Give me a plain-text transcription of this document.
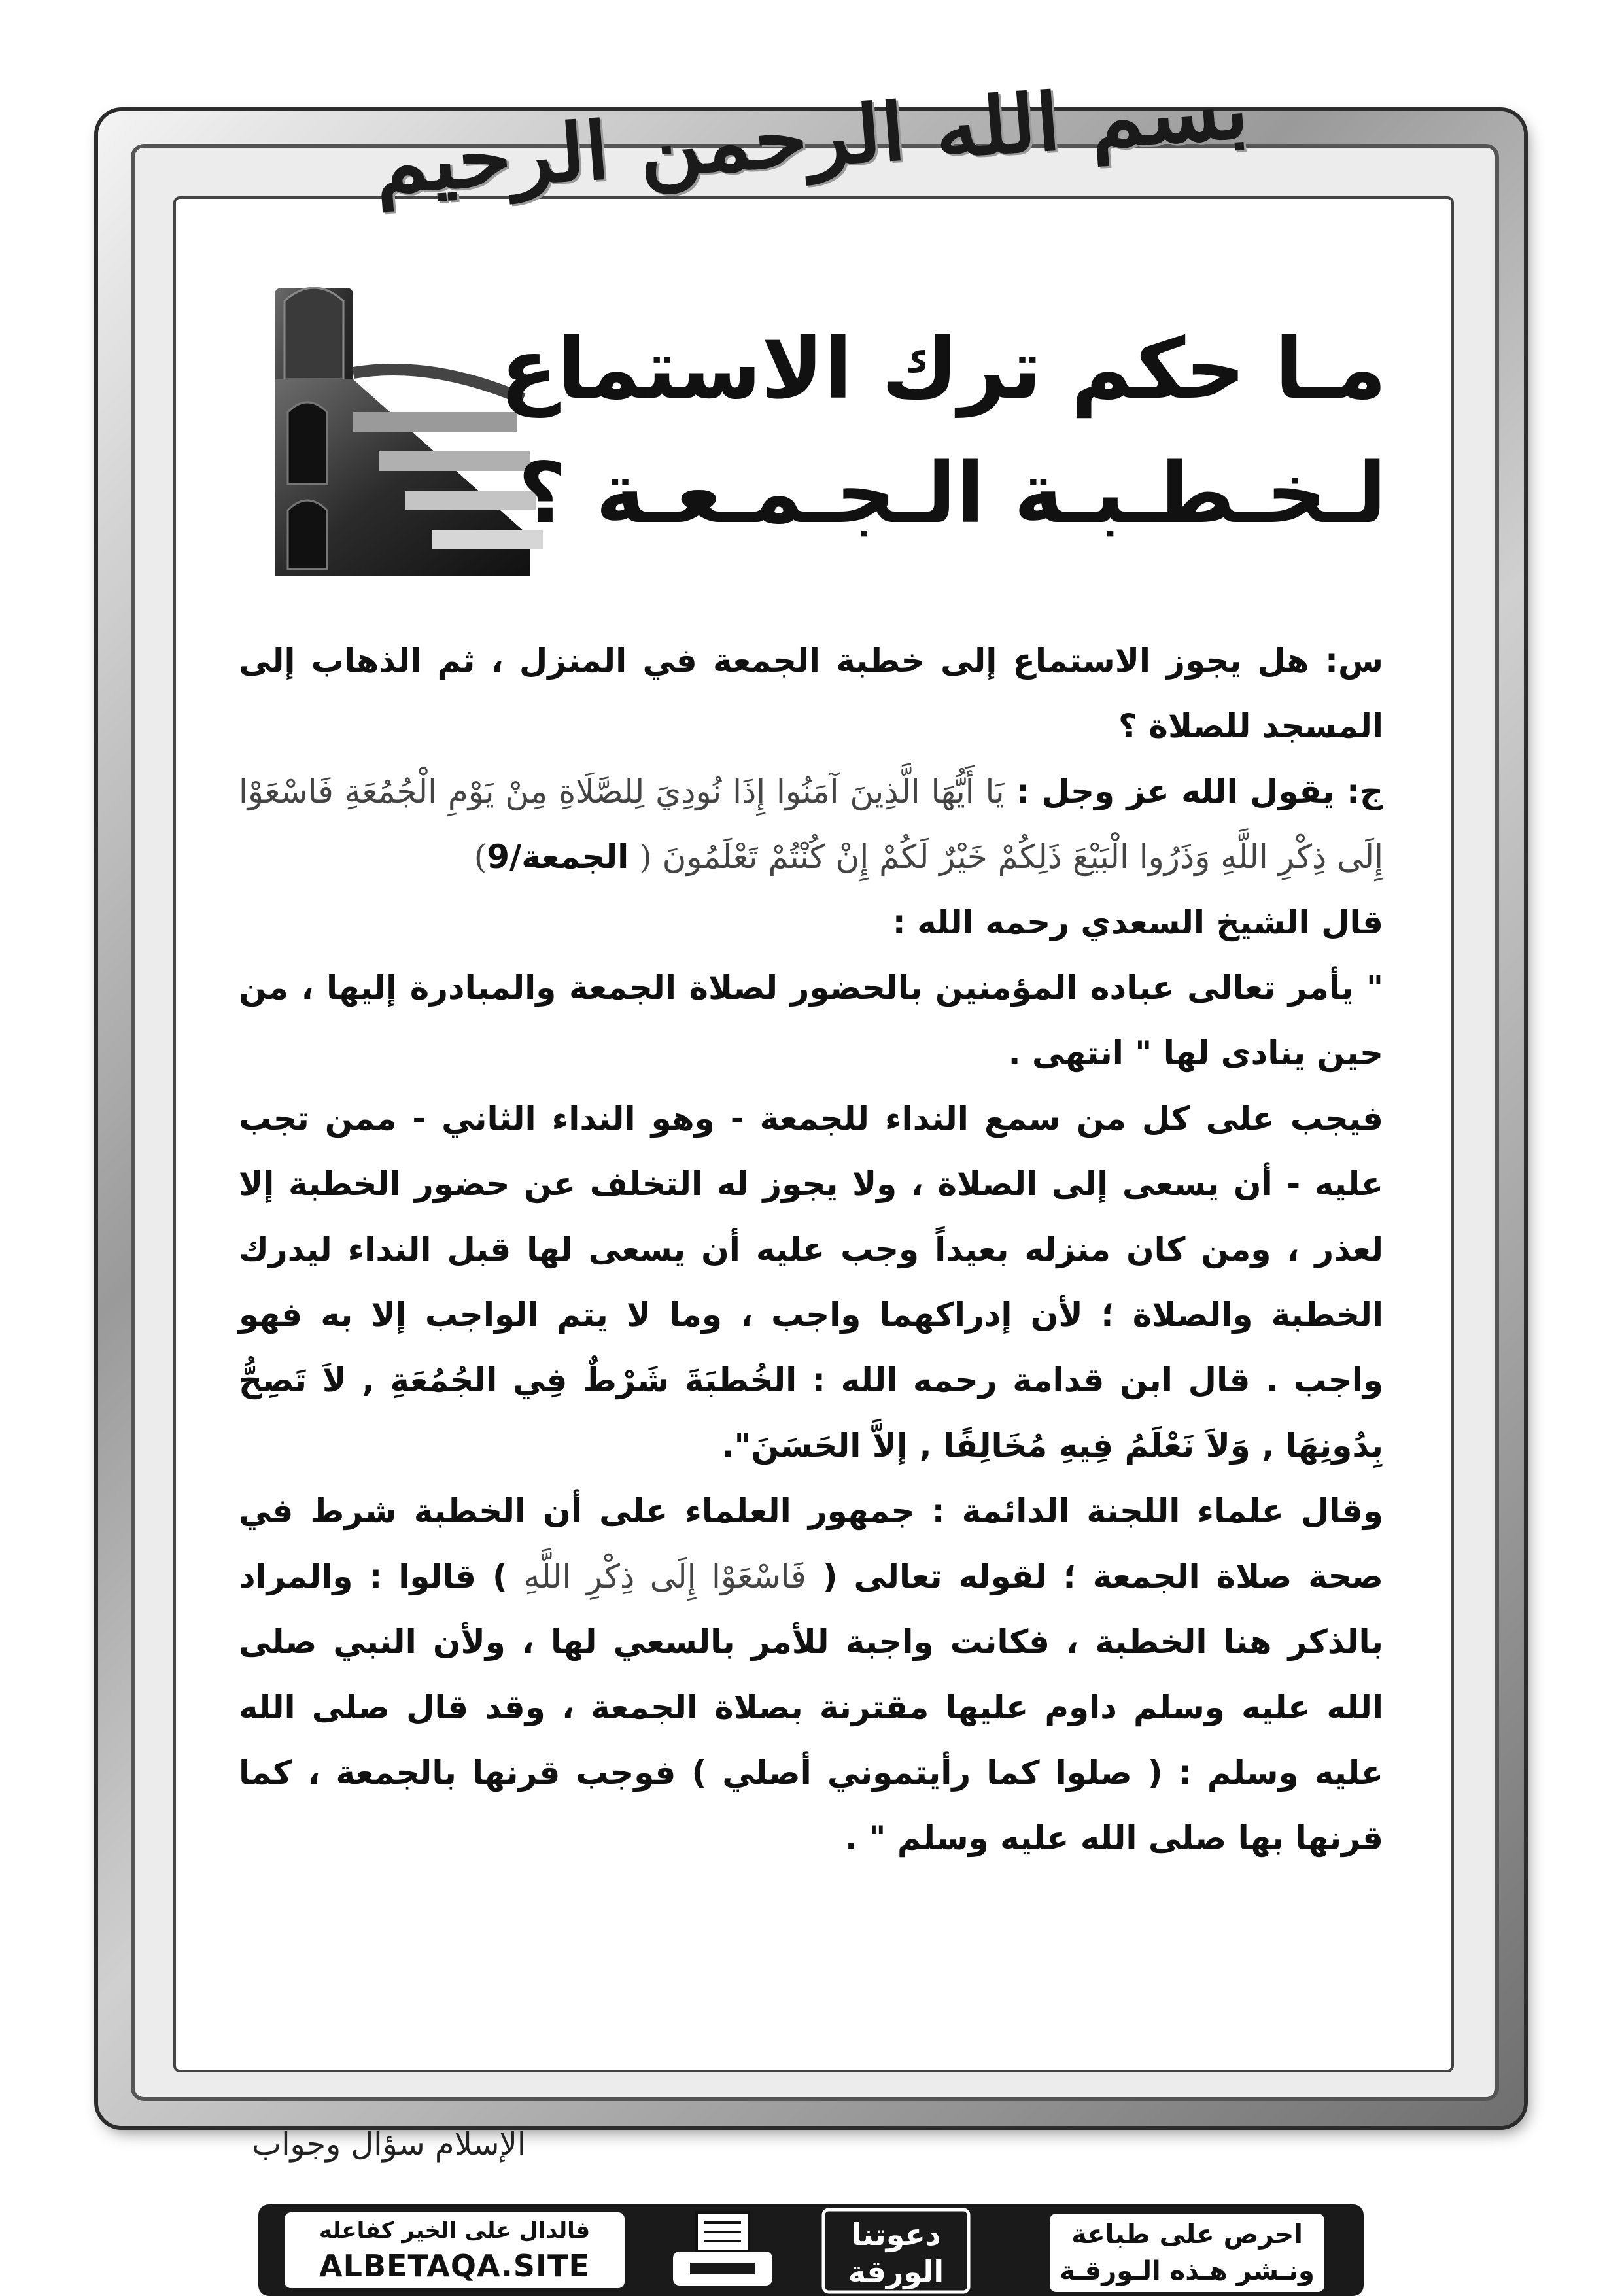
بسم الله الرحمن الرحيم
مـا حكم ترك الاستماع
لـخـطـبـة الـجـمـعـة ؟

س: هل يجوز الاستماع إلى خطبة الجمعة في المنزل ، ثم الذهاب إلى المسجد للصلاة ؟

ج: يقول الله عز وجل : يَا أَيُّهَا الَّذِينَ آمَنُوا إِذَا نُودِيَ لِلصَّلَاةِ مِنْ يَوْمِ الْجُمُعَةِ فَاسْعَوْا إِلَى ذِكْرِ اللَّهِ وَذَرُوا الْبَيْعَ ذَلِكُمْ خَيْرٌ لَكُمْ إِنْ كُنْتُمْ تَعْلَمُونَ ( الجمعة/9)

قال الشيخ السعدي رحمه الله :

" يأمر تعالى عباده المؤمنين بالحضور لصلاة الجمعة والمبادرة إليها ، من حين ينادى لها " انتهى .

فيجب على كل من سمع النداء للجمعة - وهو النداء الثاني - ممن تجب عليه - أن يسعى إلى الصلاة ، ولا يجوز له التخلف عن حضور الخطبة إلا لعذر ، ومن كان منزله بعيداً وجب عليه أن يسعى لها قبل النداء ليدرك الخطبة والصلاة ؛ لأن إدراكهما واجب ، وما لا يتم الواجب إلا به فهو واجب . قال ابن قدامة رحمه الله : الخُطبَةَ شَرْطٌ فِي الجُمُعَةِ , لاَ تَصِحُّ بِدُونِهَا , وَلاَ نَعْلَمُ فِيهِ مُخَالِفًا , إلاَّ الحَسَنَ".

وقال علماء اللجنة الدائمة : جمهور العلماء على أن الخطبة شرط في صحة صلاة الجمعة ؛ لقوله تعالى ( فَاسْعَوْا إِلَى ذِكْرِ اللَّهِ ) قالوا : والمراد بالذكر هنا الخطبة ، فكانت واجبة للأمر بالسعي لها ، ولأن النبي صلى الله عليه وسلم داوم عليها مقترنة بصلاة الجمعة ، وقد قال صلى الله عليه وسلم : ( صلوا كما رأيتموني أصلي ) فوجب قرنها بالجمعة ، كما قرنها بها صلى الله عليه وسلم " .

الإسلام سؤال وجواب
احرص على طباعة
ونـشر هـذه الـورقـة
دعوتنا
الورقة
فالدال على الخير كفاعله
ALBETAQA.SITE
